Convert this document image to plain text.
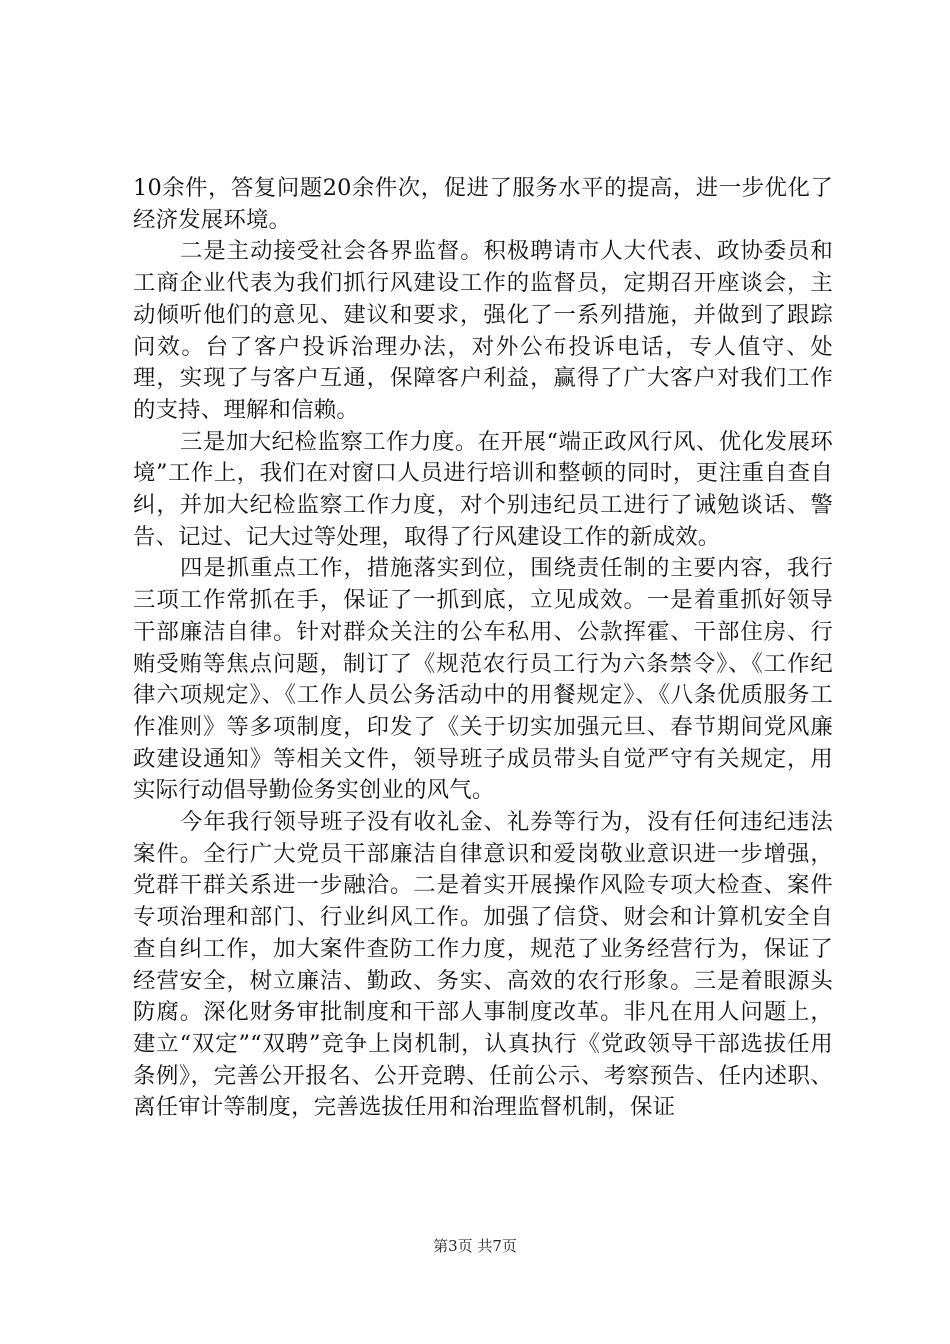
10余件，答复问题20余件次，促进了服务水平的提高，进一步优化了经济发展环境。

二是主动接受社会各界监督。积极聘请市人大代表、政协委员和工商企业代表为我们抓行风建设工作的监督员，定期召开座谈会，主动倾听他们的意见、建议和要求，强化了一系列措施，并做到了跟踪问效。台了客户投诉治理办法，对外公布投诉电话，专人值守、处理，实现了与客户互通，保障客户利益，赢得了广大客户对我们工作的支持、理解和信赖。

三是加大纪检监察工作力度。在开展“端正政风行风、优化发展环境”工作上，我们在对窗口人员进行培训和整顿的同时，更注重自查自纠，并加大纪检监察工作力度，对个别违纪员工进行了诫勉谈话、警告、记过、记大过等处理，取得了行风建设工作的新成效。

四是抓重点工作，措施落实到位，围绕责任制的主要内容，我行三项工作常抓在手，保证了一抓到底，立见成效。一是着重抓好领导干部廉洁自律。针对群众关注的公车私用、公款挥霍、干部住房、行贿受贿等焦点问题，制订了《规范农行员工行为六条禁令》、《工作纪律六项规定》、《工作人员公务活动中的用餐规定》、《八条优质服务工作准则》等多项制度，印发了《关于切实加强元旦、春节期间党风廉政建设通知》等相关文件，领导班子成员带头自觉严守有关规定，用实际行动倡导勤俭务实创业的风气。

今年我行领导班子没有收礼金、礼券等行为，没有任何违纪违法案件。全行广大党员干部廉洁自律意识和爱岗敬业意识进一步增强，党群干群关系进一步融洽。二是着实开展操作风险专项大检查、案件专项治理和部门、行业纠风工作。加强了信贷、财会和计算机安全自查自纠工作，加大案件查防工作力度，规范了业务经营行为，保证了经营安全，树立廉洁、勤政、务实、高效的农行形象。三是着眼源头防腐。深化财务审批制度和干部人事制度改革。非凡在用人问题上，建立“双定”“双聘”竞争上岗机制，认真执行《党政领导干部选拔任用条例》，完善公开报名、公开竞聘、任前公示、考察预告、任内述职、离任审计等制度，完善选拔任用和治理监督机制，保证

第3页 共7页
